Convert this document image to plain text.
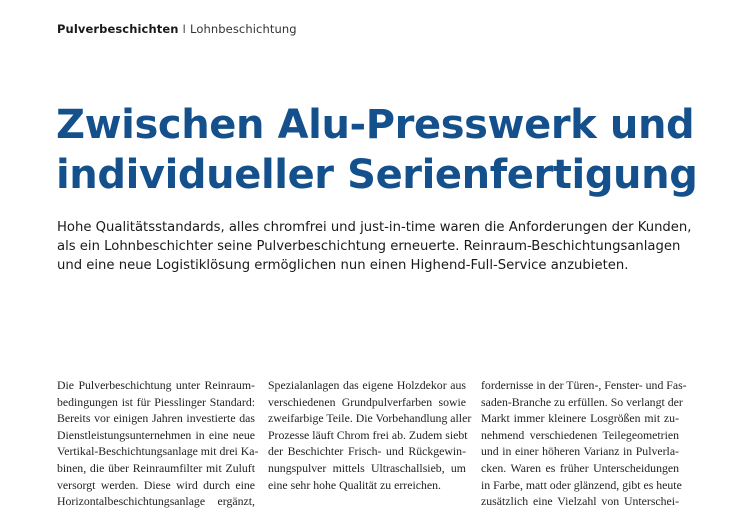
Pulverbeschichten I Lohnbeschichtung
Zwischen Alu-Presswerk und
individueller Serienfertigung

Hohe Qualitätsstandards, alles chromfrei und just-in-time waren die Anforderungen der Kunden,
als ein Lohnbeschichter seine Pulverbeschichtung erneuerte. Reinraum-Beschichtungsanlagen
und eine neue Logistiklösung ermöglichen nun einen Highend-Full-Service anzubieten.

Die Pulverbeschichtung unter Reinraum-
bedingungen ist für Piesslinger Standard:
Bereits vor einigen Jahren investierte das
Dienstleistungsunternehmen in eine neue
Vertikal-Beschichtungsanlage mit drei Ka-
binen, die über Reinraumfilter mit Zuluft
versorgt werden. Diese wird durch eine
Horizontalbeschichtungsanlage ergänzt,
Spezialanlagen das eigene Holzdekor aus
verschiedenen Grundpulverfarben sowie
zweifarbige Teile. Die Vorbehandlung aller
Prozesse läuft Chrom frei ab. Zudem siebt
der Beschichter Frisch- und Rückgewin-
nungspulver mittels Ultraschallsieb, um
eine sehr hohe Qualität zu erreichen.
fordernisse in der Türen-, Fenster- und Fas-
saden-Branche zu erfüllen. So verlangt der
Markt immer kleinere Losgrößen mit zu-
nehmend verschiedenen Teilegeometrien
und in einer höheren Varianz in Pulverla-
cken. Waren es früher Unterscheidungen
in Farbe, matt oder glänzend, gibt es heute
zusätzlich eine Vielzahl von Unterschei-
